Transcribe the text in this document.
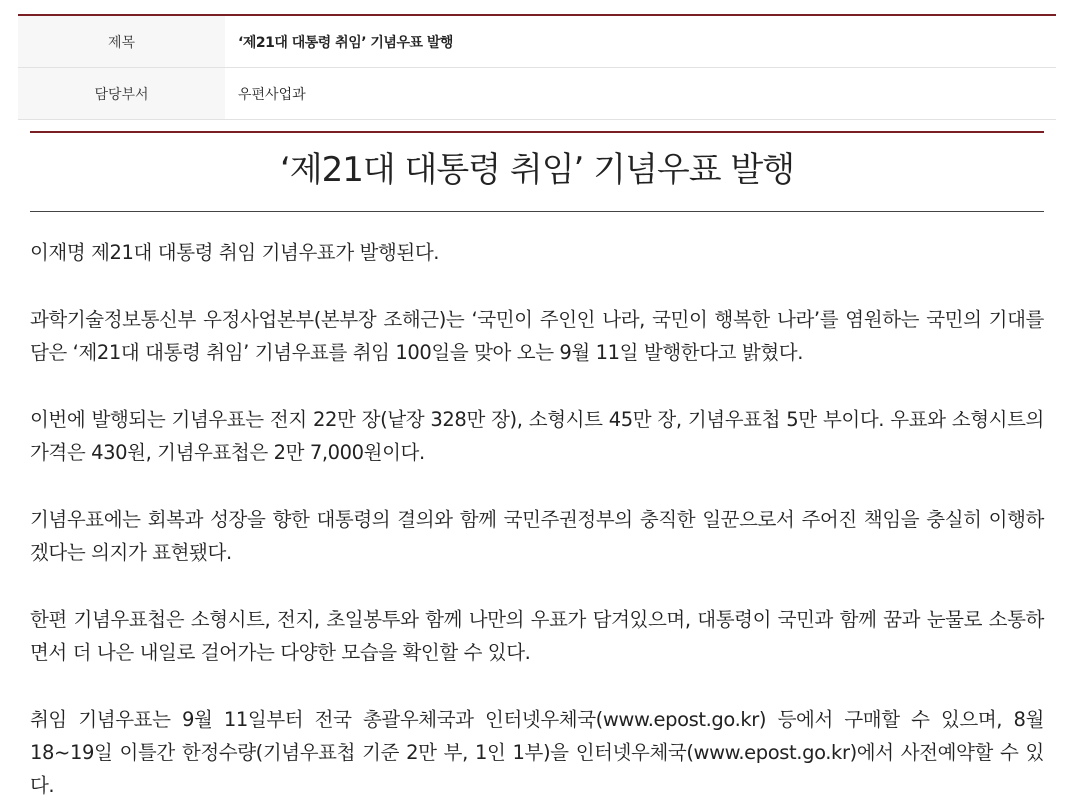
제목	‘제21대 대통령 취임’ 기념우표 발행
담당부서	우편사업과
‘제21대 대통령 취임’ 기념우표 발행

이재명 제21대 대통령 취임 기념우표가 발행된다.

과학기술정보통신부 우정사업본부(본부장 조해근)는 ‘국민이 주인인 나라, 국민이 행복한 나라’를 염원하는 국민의 기대를 담은 ‘제21대 대통령 취임’ 기념우표를 취임 100일을 맞아 오는 9월 11일 발행한다고 밝혔다.

이번에 발행되는 기념우표는 전지 22만 장(낱장 328만 장), 소형시트 45만 장, 기념우표첩 5만 부이다. 우표와 소형시트의 가격은 430원, 기념우표첩은 2만 7,000원이다.

기념우표에는 회복과 성장을 향한 대통령의 결의와 함께 국민주권정부의 충직한 일꾼으로서 주어진 책임을 충실히 이행하겠다는 의지가 표현됐다.

한편 기념우표첩은 소형시트, 전지, 초일봉투와 함께 나만의 우표가 담겨있으며, 대통령이 국민과 함께 꿈과 눈물로 소통하면서 더 나은 내일로 걸어가는 다양한 모습을 확인할 수 있다.

취임 기념우표는 9월 11일부터 전국 총괄우체국과 인터넷우체국(www.epost.go.kr) 등에서 구매할 수 있으며, 8월 18~19일 이틀간 한정수량(기념우표첩 기준 2만 부, 1인 1부)을 인터넷우체국(www.epost.go.kr)에서 사전예약할 수 있다.
